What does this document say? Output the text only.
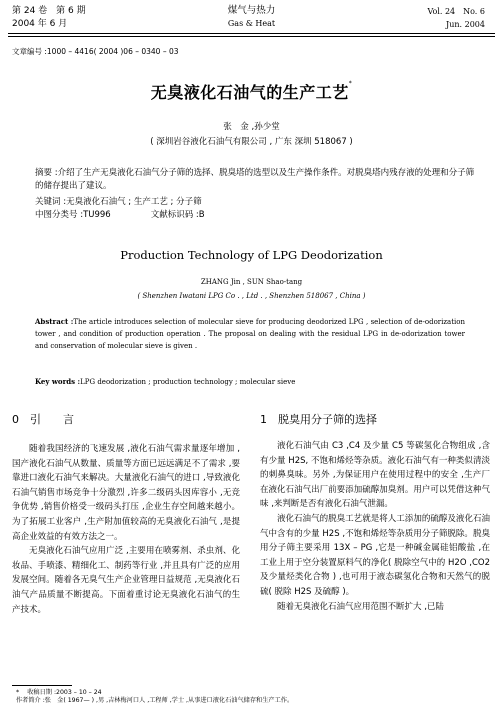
第 24 卷　第 6 期
2004 年 6 月
煤气与热力
Gas & Heat
Vol. 24　No. 6
Jun. 2004
文章编号 :1000 – 4416( 2004 )06 – 0340 – 03
无臭液化石油气的生产工艺*
张　金 ,孙少堂
( 深圳岩谷液化石油气有限公司 , 广东 深圳 518067 )
摘要 :介绍了生产无臭液化石油气分子筛的选择、脱臭塔的选型以及生产操作条件。对脱臭塔内残存液的处理和分子筛的储存提出了建议。
关键词 :无臭液化石油气 ; 生产工艺 ; 分子筛
中图分类号 :TU996	文献标识码 :B
Production Technology of LPG Deodorization
ZHANG Jin , SUN Shao-tang
( Shenzhen Iwatani LPG Co . , Ltd . , Shenzhen 518067 , China )
Abstract :The article introduces selection of molecular sieve for producing deodorized LPG , selection of de-odorization tower , and condition of production operation . The proposal on dealing with the residual LPG in de-odorization tower and conservation of molecular sieve is given .
Key words :LPG deodorization ; production technology ; molecular sieve
0　 引　　言	1　 脱臭用分子筛的选择

随着我国经济的飞速发展 ,液化石油气需求量逐年增加 ,国产液化石油气从数量、质量等方面已远远满足不了需求 ,要靠进口液化石油气来解决。大量液化石油气的进口 ,导致液化石油气销售市场竞争十分激烈 ,许多二级码头因库容小 ,无竞争优势 ,销售价格受一级码头打压 ,企业生存空间越来越小。为了拓展工业客户 ,生产附加值较高的无臭液化石油气 ,是提高企业效益的有效方法之一。

无臭液化石油气应用广泛 ,主要用在喷雾剂、杀虫剂、化妆品、手喷漆、精细化工、制药等行业 ,并且具有广泛的应用发展空间。随着各无臭气生产企业管理日益规范 ,无臭液化石油气产品质量不断提高。下面着重讨论无臭液化石油气的生产技术。

液化石油气由 C3 ,C4 及少量 C5 等碳氢化合物组成 ,含有少量 H2S, 不饱和烯烃等杂质。液化石油气有一种类似清淡的刺鼻臭味。另外 ,为保证用户在使用过程中的安全 ,生产厂在液化石油气出厂前要添加硫醇加臭剂。用户可以凭借这种气味 ,来判断是否有液化石油气泄漏。

液化石油气的脱臭工艺就是将人工添加的硫醇及液化石油气中含有的少量 H2S ,不饱和烯烃等杂质用分子筛脱除。脱臭用分子筛主要采用 13X – PG ,它是一种碱金属硅铝酸盐 ,在工业上用于空分装置原料气的净化( 脱除空气中的 H2O ,CO2 及少量烃类化合物 ) ,也可用于液态碳氢化合物和天然气的脱硫( 脱除 H2S 及硫醇 )。

随着无臭液化石油气应用范围不断扩大 ,已陆

* 　收稿日期 :2003 – 10 – 24
作者简介 :张　金( 1967— ) ,男 ,吉林梅河口人 ,工程师 ,学士 ,从事进口液化石油气储存和生产工作。
